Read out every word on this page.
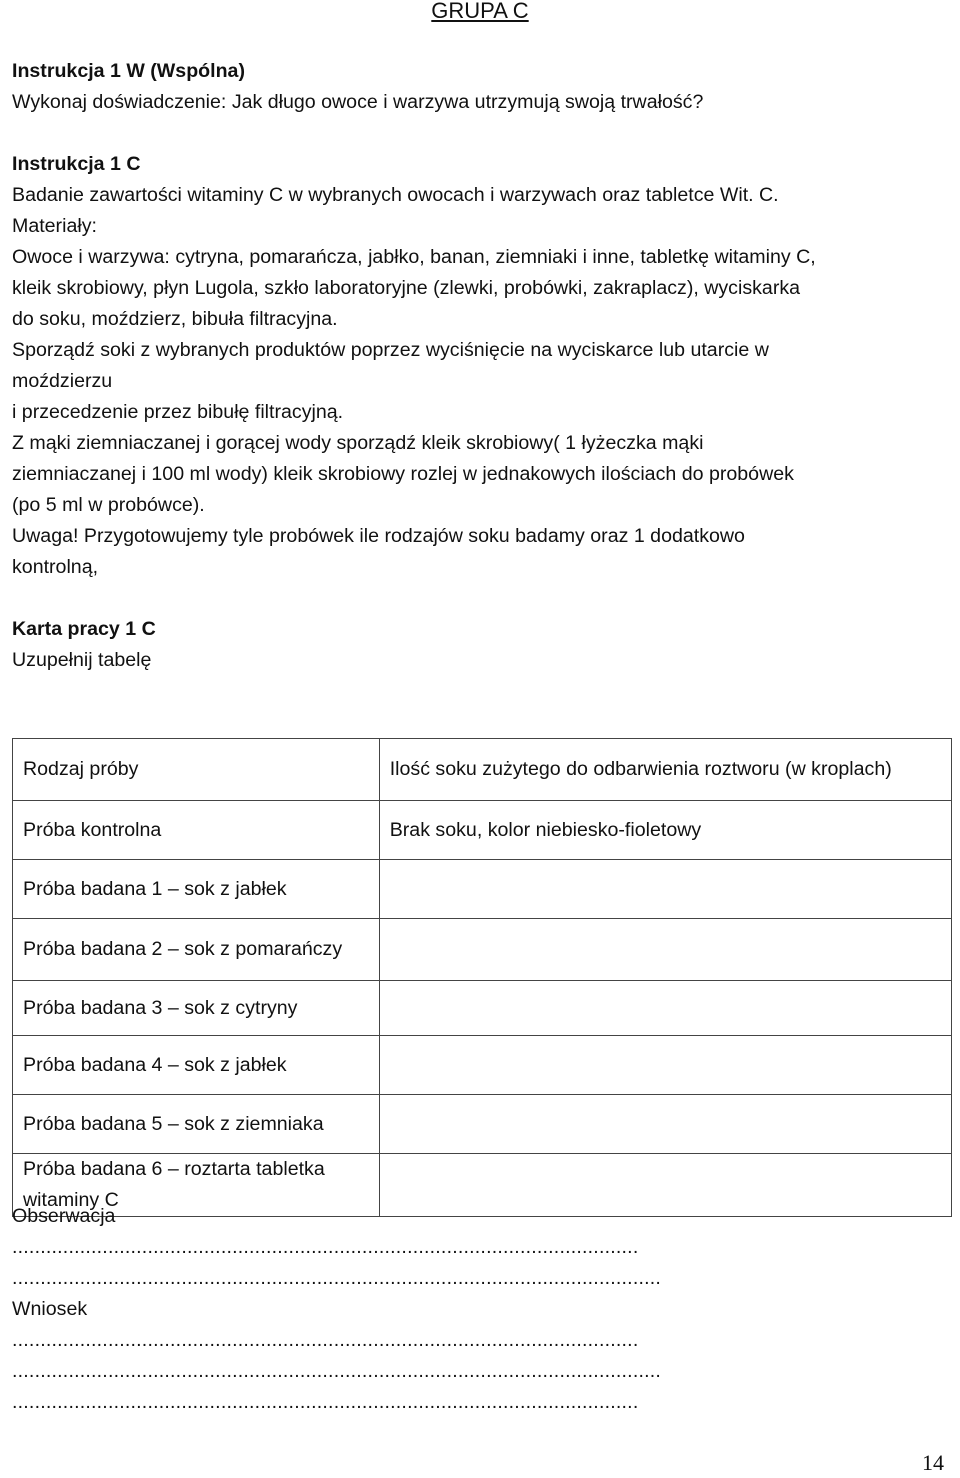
GRUPA C
Instrukcja 1 W (Wspólna)
Wykonaj doświadczenie: Jak długo owoce i warzywa utrzymują swoją trwałość?
Instrukcja 1 C
Badanie zawartości witaminy C w wybranych owocach i warzywach oraz tabletce Wit. C.
Materiały:
Owoce i warzywa: cytryna, pomarańcza, jabłko, banan, ziemniaki i inne, tabletkę witaminy C,
kleik skrobiowy, płyn Lugola, szkło laboratoryjne (zlewki, probówki, zakraplacz), wyciskarka
do soku, moździerz, bibuła filtracyjna.
Sporządź soki z wybranych produktów poprzez wyciśnięcie na wyciskarce lub utarcie w
moździerzu
i przecedzenie przez bibułę filtracyjną.
Z mąki ziemniaczanej i gorącej wody sporządź kleik skrobiowy( 1 łyżeczka mąki
ziemniaczanej i 100 ml wody) kleik skrobiowy rozlej w jednakowych ilościach do probówek
(po 5 ml w probówce).
Uwaga! Przygotowujemy tyle probówek ile rodzajów soku badamy oraz 1 dodatkowo
kontrolną,
Karta pracy 1 C
Uzupełnij tabelę
Rodzaj próby	Ilość soku zużytego do odbarwienia roztworu (w kroplach)
Próba kontrolna	Brak soku, kolor niebiesko-fioletowy
Próba badana 1 – sok z jabłek	
Próba badana 2 – sok z pomarańczy	
Próba badana 3 – sok z cytryny	
Próba badana 4 – sok z jabłek	
Próba badana 5 – sok z ziemniaka	
Próba badana 6 – roztarta tabletka witaminy C	
Obserwacja
...............................................................................................................
...................................................................................................................
Wniosek
...............................................................................................................
...................................................................................................................
...............................................................................................................
14
